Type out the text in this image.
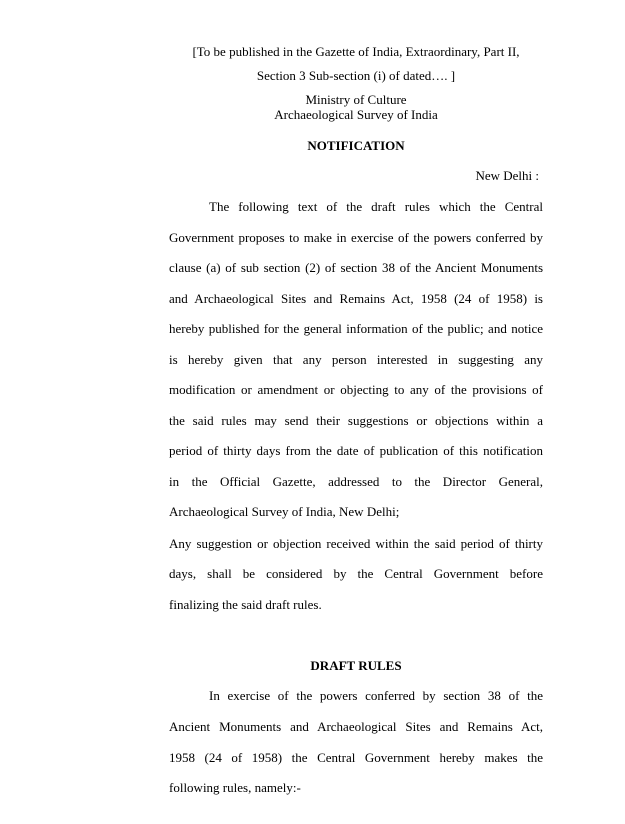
[To be published in the Gazette of India, Extraordinary, Part II,
Section 3 Sub-section (i) of dated…. ]
Ministry of Culture
Archaeological Survey of India
NOTIFICATION
New Delhi :
The following text of the draft rules which the Central
Government proposes to make in exercise of the powers conferred by
clause (a) of sub section (2) of section 38 of the Ancient Monuments
and Archaeological Sites and Remains Act, 1958 (24 of 1958) is
hereby published for the general information of the public; and notice
is hereby given that any person interested in suggesting any
modification or amendment or objecting to any of the provisions of
the said rules may send their suggestions or objections within a
period of thirty days from the date of publication of this notification
in the Official Gazette, addressed to the Director General,
Archaeological Survey of India, New Delhi;
Any suggestion or objection received within the said period of thirty
days, shall be considered by the Central Government before
finalizing the said draft rules.
DRAFT RULES
In exercise of the powers conferred by section 38 of the
Ancient Monuments and Archaeological Sites and Remains Act,
1958 (24 of 1958) the Central Government hereby makes the
following rules, namely:-
